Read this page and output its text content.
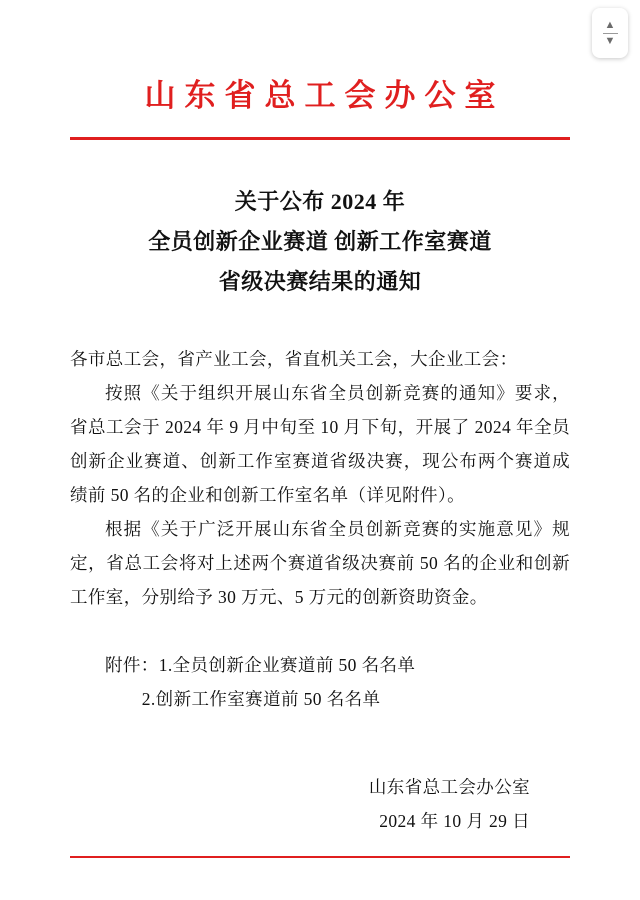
▲
▼
山东省总工会办公室
关于公布 2024 年
全员创新企业赛道 创新工作室赛道
省级决赛结果的通知
各市总工会，省产业工会，省直机关工会，大企业工会：

按照《关于组织开展山东省全员创新竞赛的通知》要求，省总工会于 2024 年 9 月中旬至 10 月下旬，开展了 2024 年全员创新企业赛道、创新工作室赛道省级决赛，现公布两个赛道成绩前 50 名的企业和创新工作室名单（详见附件）。

根据《关于广泛开展山东省全员创新竞赛的实施意见》规定，省总工会将对上述两个赛道省级决赛前 50 名的企业和创新工作室，分别给予 30 万元、5 万元的创新资助资金。

附件：1.全员创新企业赛道前 50 名名单
2.创新工作室赛道前 50 名名单
山东省总工会办公室
2024 年 10 月 29 日
